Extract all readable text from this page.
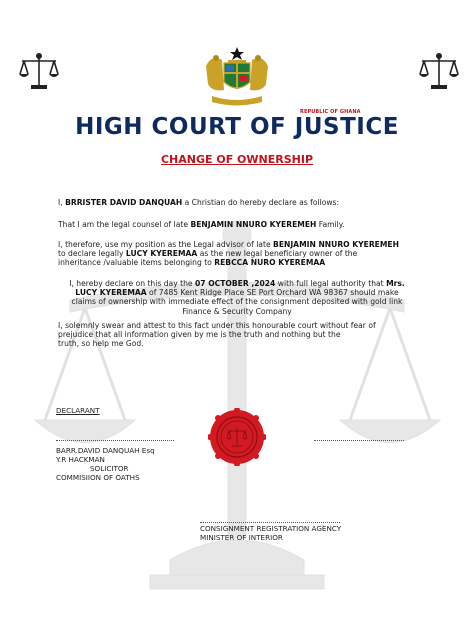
REPUBLIC OF GHANA
HIGH COURT OF JUSTICE
CHANGE OF OWNERSHIP
I, BRRISTER DAVID DANQUAH a Christian do hereby declare as follows:
That I am the legal counsel of late BENJAMIN NNURO KYEREMEH Family.
I, therefore, use my position as the Legal advisor of late BENJAMIN NNURO KYEREMEH
to declare legally LUCY KYEREMAA as the new legal beneficiary owner of the
inheritance /valuable items belonging to REBCCA NURO KYEREMAA
I, hereby declare on this day the 07 OCTOBER ,2024 with full legal authority that Mrs.
LUCY KYEREMAA of 7485 Kent Ridge Place SE Port Orchard WA 98367 should make
claims of ownership with immediate effect of the consignment deposited with gold link
Finance & Security Company
I, solemnly swear and attest to this fact under this honourable court without fear of
prejudice that all information given by me is the truth and nothing but the
truth, so help me God.
DECLARANT
BARR.DAVID DANQUAH Esq
Y.R HACKMAN
SOLICITOR
COMMISIION OF OATHS
CONSIGNMENT REGISTRATION AGENCY
MINISTER OF INTERIOR
